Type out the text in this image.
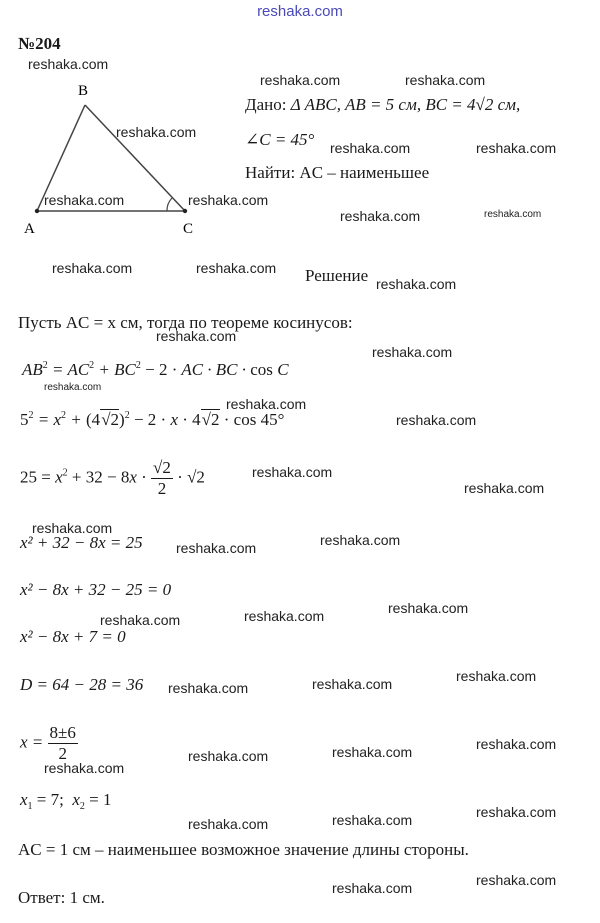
reshaka.com
№204
B
A	C
Дано: Δ ABC, AB = 5 см, BC = 4√2 см,
∠C = 45°
Найти: AC – наименьшее
Решение
Пусть AC = x см, тогда по теореме косинусов:
$AB^2 = AC^2 + BC^2 - 2$ · AC · BC · cos C
$5^2 = x^2 + (4√2)^2 - 2 \cdot x \cdot 4√2 \cdot \cos 45^\circ$
$25 = x^2 + 32 - 8x \cdot \frac{√2}{2} \cdot √2$
x² + 32 − 8x = 25
x² − 8x + 32 − 25 = 0
x² − 8x + 7 = 0
D = 64 − 28 = 36
$x = \frac{8\pm 6}{2}$
$x_1 = 7$;  $x_2 = 1$
AC = 1 см – наименьшее возможное значение длины стороны.
Ответ: 1 см.
reshaka.com
reshaka.com	reshaka.com
reshaka.com
reshaka.com	reshaka.com
reshaka.com	reshaka.com
reshaka.com	reshaka.com
reshaka.com	reshaka.com
reshaka.com
reshaka.com
reshaka.com
reshaka.com
reshaka.com
reshaka.com
reshaka.com
reshaka.com
reshaka.com
reshaka.com
reshaka.com
reshaka.com
reshaka.com
reshaka.com
reshaka.com
reshaka.com
reshaka.com
reshaka.com
reshaka.com
reshaka.com
reshaka.com
reshaka.com
reshaka.com
reshaka.com
reshaka.com
reshaka.com
